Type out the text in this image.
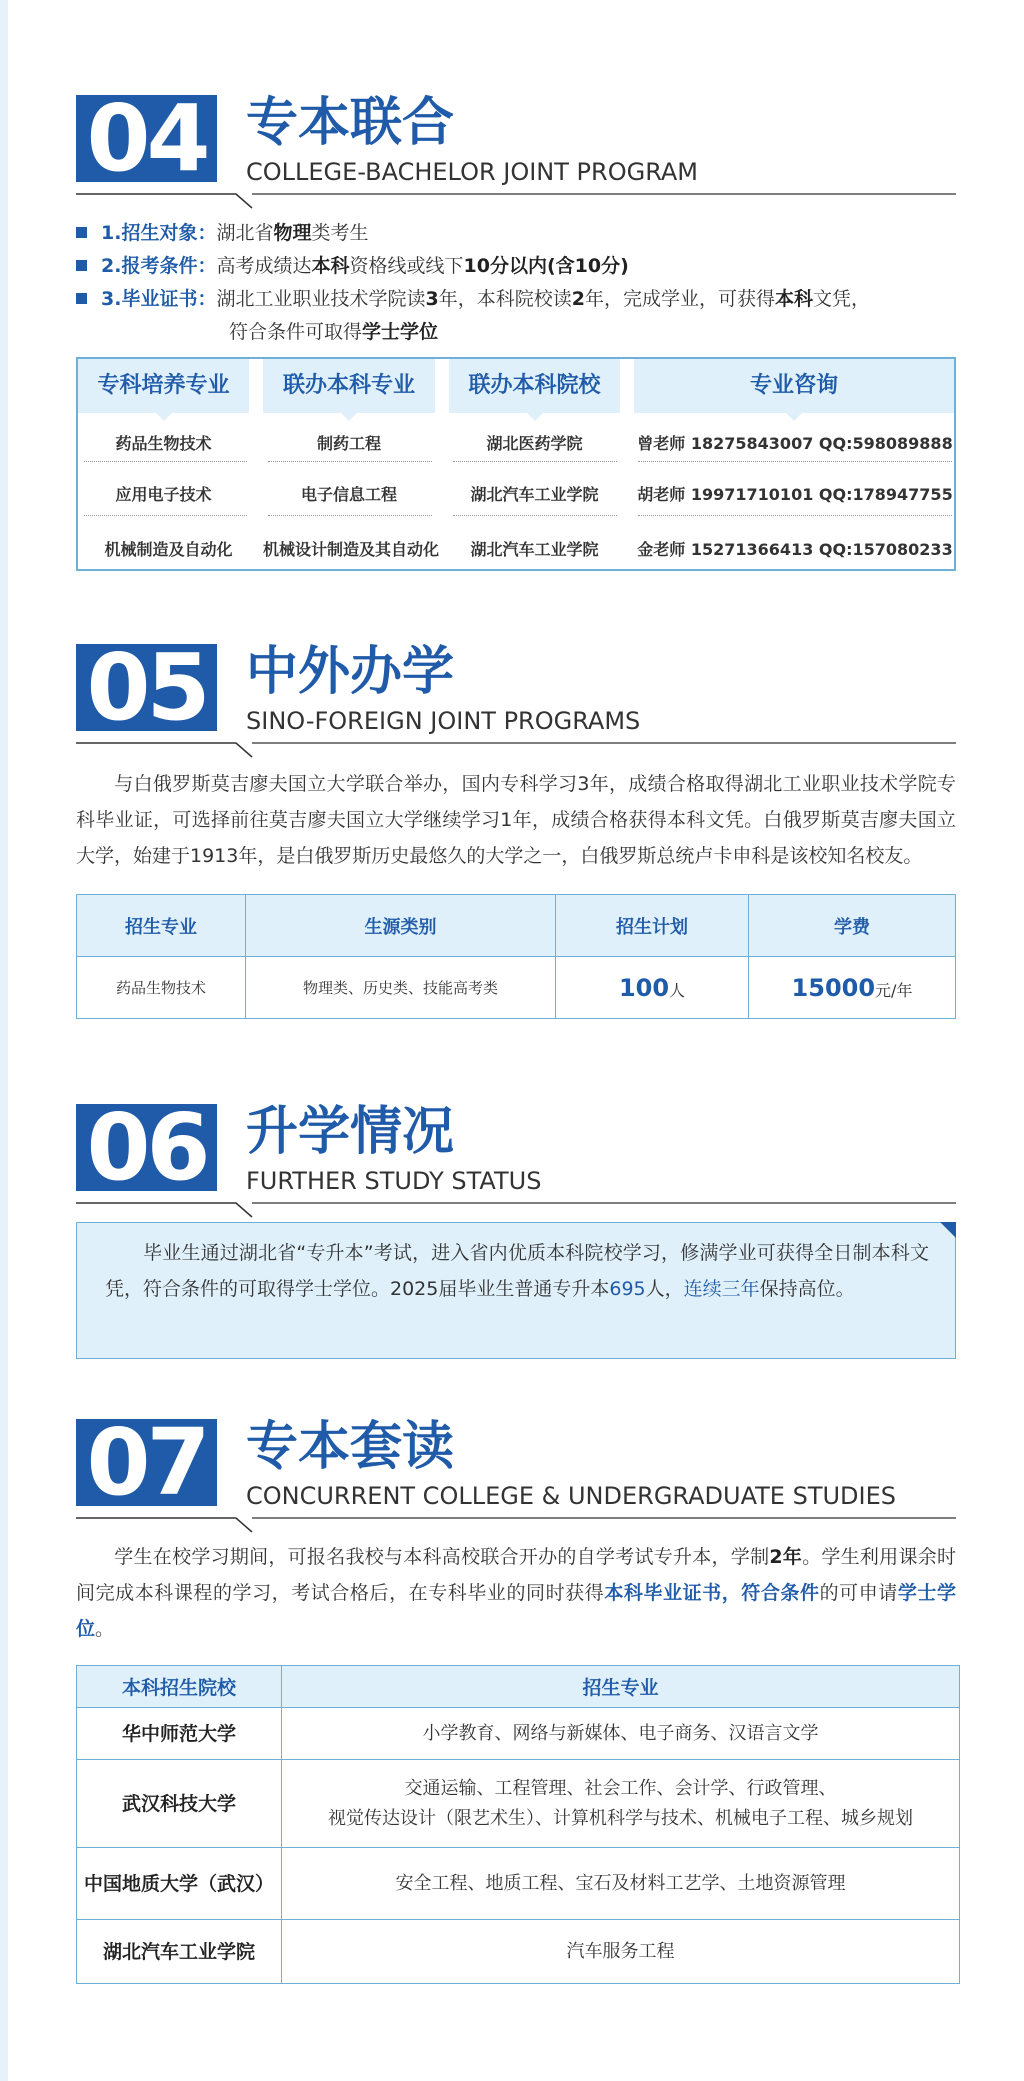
04 专本联合
COLLEGE-BACHELOR JOINT PROGRAM
1.招生对象：湖北省物理类考生
2.报考条件：高考成绩达本科资格线或线下10分以内(含10分)
3.毕业证书：湖北工业职业技术学院读3年，本科院校读2年，完成学业，可获得本科文凭，
符合条件可取得学士学位
专科培养专业	联办本科专业	联办本科院校	专业咨询
药品生物技术	制药工程	湖北医药学院	曾老师 18275843007 QQ:598089888
应用电子技术	电子信息工程	湖北汽车工业学院	胡老师 19971710101 QQ:178947755
机械制造及自动化	机械设计制造及其自动化	湖北汽车工业学院	金老师 15271366413 QQ:157080233
05 中外办学
SINO-FOREIGN JOINT PROGRAMS

与白俄罗斯莫吉廖夫国立大学联合举办，国内专科学习3年，成绩合格取得湖北工业职业技术学院专科毕业证，可选择前往莫吉廖夫国立大学继续学习1年，成绩合格获得本科文凭。白俄罗斯莫吉廖夫国立大学，始建于1913年，是白俄罗斯历史最悠久的大学之一，白俄罗斯总统卢卡申科是该校知名校友。

招生专业	生源类别	招生计划	学费
药品生物技术	物理类、历史类、技能高考类	100人	15000元/年
06 升学情况
FURTHER STUDY STATUS

毕业生通过湖北省“专升本”考试，进入省内优质本科院校学习，修满学业可获得全日制本科文凭，符合条件的可取得学士学位。2025届毕业生普通专升本695人，连续三年保持高位。

07 专本套读
CONCURRENT COLLEGE & UNDERGRADUATE STUDIES

学生在校学习期间，可报名我校与本科高校联合开办的自学考试专升本，学制2年。学生利用课余时间完成本科课程的学习，考试合格后，在专科毕业的同时获得本科毕业证书，符合条件的可申请学士学位。

本科招生院校	招生专业
华中师范大学	小学教育、网络与新媒体、电子商务、汉语言文学
武汉科技大学	交通运输、工程管理、社会工作、会计学、行政管理、
视觉传达设计（限艺术生）、计算机科学与技术、机械电子工程、城乡规划

中国地质大学（武汉）	安全工程、地质工程、宝石及材料工艺学、土地资源管理
湖北汽车工业学院	汽车服务工程
